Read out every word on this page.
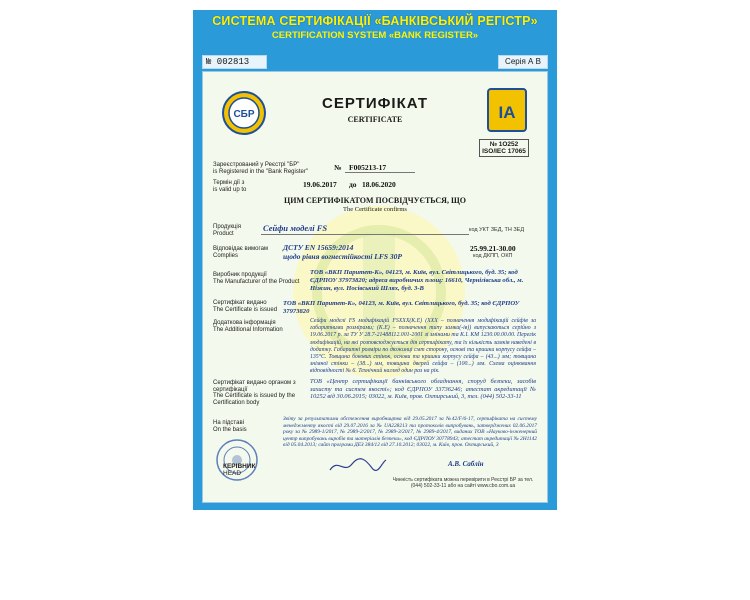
СИСТЕМА СЕРТИФІКАЦІЇ «БАНКІВСЬКИЙ РЕГІСТР»
CERTIFICATION SYSTEM «BANK REGISTER»
№ 002813	Серія А В
СБР
СЕРТИФІКАТ
CERTIFICATE	ІА
№ 1O252
ISO/IEC 17065
Зареєстрований у Реєстрі "БР"
is Registered in the "Bank Register"	№ F005213-17
Термін дії з
is valid up to
19.06.2017 до 18.06.2020
ЦИМ СЕРТИФІКАТОМ ПОСВІДЧУЄТЬСЯ, ЩО
The Certificate confirms
Продукція
Product
Сейфи моделі FS	код УКТ ЗЕД, ТН ЗЕД
Відповідає вимогам
Complies
ДСТУ EN 15659:2014
щодо рівня вогнестійкості LFS 30P
25.99.21-30.00
код ДКПП, ОКП
Виробник продукції
The Manufacturer of the Product
ТОВ «ВКП Паритет-К», 04123, м. Київ, вул. Світлицького, буд. 35; код ЄДРПОУ 37973820; адреса виробничих площ: 16610, Чернігівська обл., м. Ніжин, вул. Носівський Шлях, буд. 3-В
Сертифікат видано
The Certificate is issued
ТОВ «ВКП Паритет-К», 04123, м. Київ, вул. Світлицького, буд. 35; код ЄДРПОУ 37973820
Додаткова інформація
The Additional Information
Сейфи моделі FS модифікацій FSXXX(K.E) (XXX – позначення модифікацій сейфів за габаритними розмірами; (K.E) – позначення типу замка(-ів)) випускаються серійно з 19.06.2017 р. за ТУ У 28.7-21488112.001-2001 зі змінами та К.І. КМ 1230.00.00.00. Перелік модифікацій, на які розповсюджується дія сертифікату, та їх кількість замків наведені в додатку. Габаритні розміри по дюжинці смт сторону, основі та кришки корпусу сейфа – 135°С. Товщина бокових стінок, основи та кришки корпусу сейфа – (43...) мм; товщина знімної стінки – (38...) мм, товщина дверей сейфа – (100...) мм. Схема оцінювання відповідності № 6. Технічний нагляд один раз на рік.
Сертифікат видано органом з сертифікації
The Certificate is issued by the Certification body
ТОВ «Центр сертифікації банківського обладнання, споруд безпеки, засобів захисту та систем якості»; код ЄДРПОУ 33736246; атестат акредитації № 10252 від 30.06.2015; 03022, м. Київ, пров. Охтирський, 3, тел. (044) 502-33-11
На підставі
On the basis
Звіту за результатами обстеження виробництва від 29.05.2017 за №42/F/6-17, сертифіката на систему менеджменту якості від 29.07.2016 за № UA228213 та протоколів випробувань, затверджених 02.06.2017 року за № 2989-1/2017, № 2989-2/2017, № 2989-3/2017, № 2989-4/2017, виданих ТОВ «Науково-інженерний центр випробувань виробів та матеріалів безпеки», код ЄДРПОУ 30778943; атестат акредитації № 2Н1142 від 05.04.2013; сайт програми ДЕЗ 384/12 від 27.10.2012; 03022, м. Київ, пров. Охтирський, 3
КЕРІВНИК
HEAD
А.В. Саблін
Чинність сертифіката можна перевірити в Реєстрі БР за тел.(044) 502-33-11 або на сайті www.cbo.com.ua
